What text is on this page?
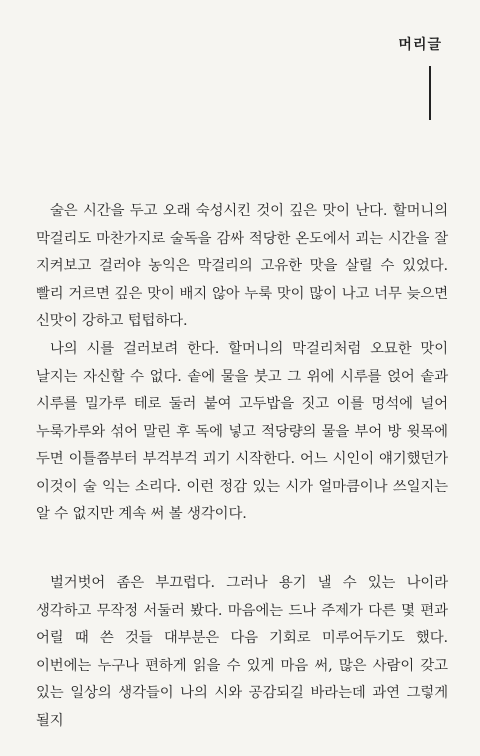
머리글

술은 시간을 두고 오래 숙성시킨 것이 깊은 맛이 난다. 할머니의 막걸리도 마찬가지로 술독을 감싸 적당한 온도에서 괴는 시간을 잘 지켜보고 걸러야 농익은 막걸리의 고유한 맛을 살릴 수 있었다. 빨리 거르면 깊은 맛이 배지 않아 누룩 맛이 많이 나고 너무 늦으면 신맛이 강하고 텁텁하다.

나의 시를 걸러보려 한다. 할머니의 막걸리처럼 오묘한 맛이 날지는 자신할 수 없다. 솥에 물을 붓고 그 위에 시루를 얹어 솥과 시루를 밀가루 테로 둘러 붙여 고두밥을 짓고 이를 멍석에 널어 누룩가루와 섞어 말린 후 독에 넣고 적당량의 물을 부어 방 윗목에 두면 이틀쯤부터 부걱부걱 괴기 시작한다. 어느 시인이 얘기했던가 이것이 술 익는 소리다. 이런 정감 있는 시가 얼마큼이나 쓰일지는 알 수 없지만 계속 써 볼 생각이다.

벌거벗어 좀은 부끄럽다. 그러나 용기 낼 수 있는 나이라 생각하고 무작정 서둘러 봤다. 마음에는 드나 주제가 다른 몇 편과 어릴 때 쓴 것들 대부분은 다음 기회로 미루어두기도 했다. 이번에는 누구나 편하게 읽을 수 있게 마음 써, 많은 사람이 갖고 있는 일상의 생각들이 나의 시와 공감되길 바라는데 과연 그렇게 될지
